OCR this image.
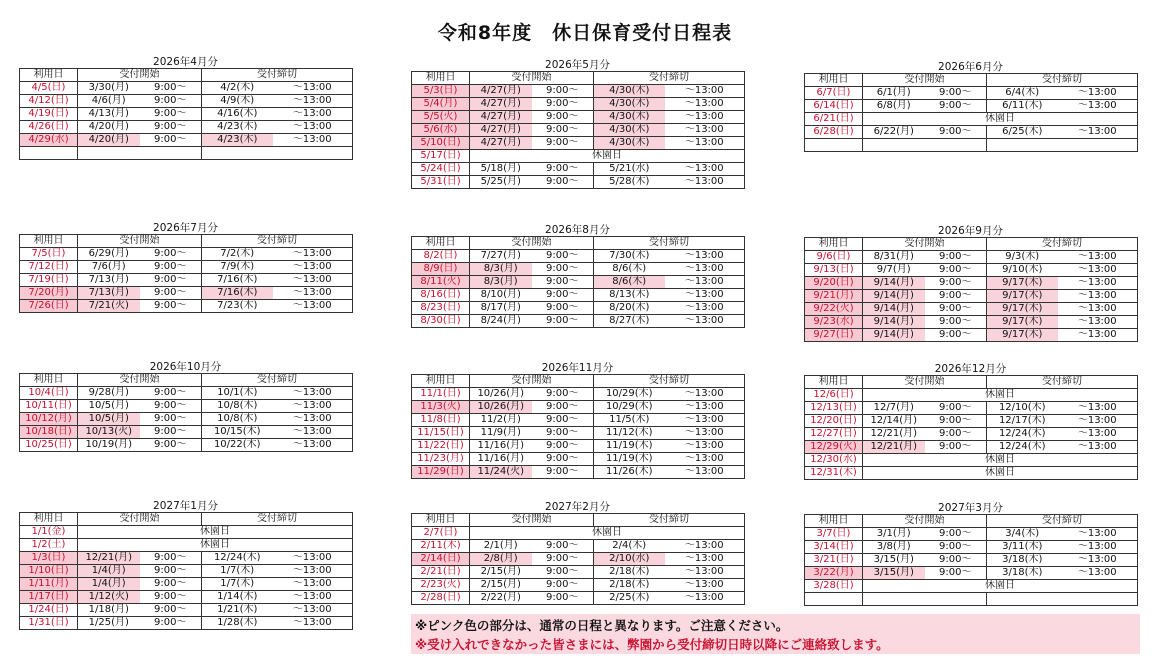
令和8年度　休日保育受付日程表
2026年4月分
利用日	受付開始		受付締切	
4/5(日)	3/30(月)	9:00～	4/2(木)	～13:00
4/12(日)	4/6(月)	9:00～	4/9(木)	～13:00
4/19(日)	4/13(月)	9:00～	4/16(木)	～13:00
4/26(日)	4/20(月)	9:00～	4/23(木)	～13:00
4/29(水)	4/20(月)	9:00～	4/23(木)	～13:00

2026年5月分
利用日	受付開始		受付締切	
5/3(日)	4/27(月)	9:00～	4/30(木)	～13:00
5/4(月)	4/27(月)	9:00～	4/30(木)	～13:00
5/5(火)	4/27(月)	9:00～	4/30(木)	～13:00
5/6(水)	4/27(月)	9:00～	4/30(木)	～13:00
5/10(日)	4/27(月)	9:00～	4/30(木)	～13:00
5/17(日)	休園日			
5/24(日)	5/18(月)	9:00～	5/21(水)	～13:00
5/31(日)	5/25(月)	9:00～	5/28(木)	～13:00
2026年6月分
利用日	受付開始		受付締切	
6/7(日)	6/1(月)	9:00～	6/4(木)	～13:00
6/14(日)	6/8(月)	9:00～	6/11(木)	～13:00
6/21(日)	休園日			
6/28(日)	6/22(月)	9:00～	6/25(木)	～13:00

2026年7月分
利用日	受付開始		受付締切	
7/5(日)	6/29(月)	9:00～	7/2(木)	～13:00
7/12(日)	7/6(月)	9:00～	7/9(木)	～13:00
7/19(日)	7/13(月)	9:00～	7/16(木)	～13:00
7/20(月)	7/13(月)	9:00～	7/16(木)	～13:00
7/26(日)	7/21(火)	9:00～	7/23(木)	～13:00
2026年8月分
利用日	受付開始		受付締切	
8/2(日)	7/27(月)	9:00～	7/30(木)	～13:00
8/9(日)	8/3(月)	9:00～	8/6(木)	～13:00
8/11(火)	8/3(月)	9:00～	8/6(木)	～13:00
8/16(日)	8/10(月)	9:00～	8/13(木)	～13:00
8/23(日)	8/17(月)	9:00～	8/20(木)	～13:00
8/30(日)	8/24(月)	9:00～	8/27(木)	～13:00
2026年9月分
利用日	受付開始		受付締切	
9/6(日)	8/31(月)	9:00～	9/3(木)	～13:00
9/13(日)	9/7(月)	9:00～	9/10(木)	～13:00
9/20(日)	9/14(月)	9:00～	9/17(木)	～13:00
9/21(月)	9/14(月)	9:00～	9/17(木)	～13:00
9/22(火)	9/14(月)	9:00～	9/17(木)	～13:00
9/23(水)	9/14(月)	9:00～	9/17(木)	～13:00
9/27(日)	9/14(月)	9:00～	9/17(木)	～13:00
2026年10月分
利用日	受付開始		受付締切	
10/4(日)	9/28(月)	9:00～	10/1(木)	～13:00
10/11(日)	10/5(月)	9:00～	10/8(木)	～13:00
10/12(月)	10/5(月)	9:00～	10/8(木)	～13:00
10/18(日)	10/13(火)	9:00～	10/15(木)	～13:00
10/25(日)	10/19(月)	9:00～	10/22(木)	～13:00
2026年11月分
利用日	受付開始		受付締切	
11/1(日)	10/26(月)	9:00～	10/29(木)	～13:00
11/3(火)	10/26(月)	9:00～	10/29(木)	～13:00
11/8(日)	11/2(月)	9:00～	11/5(木)	～13:00
11/15(日)	11/9(月)	9:00～	11/12(木)	～13:00
11/22(日)	11/16(月)	9:00～	11/19(木)	～13:00
11/23(月)	11/16(月)	9:00～	11/19(木)	～13:00
11/29(日)	11/24(火)	9:00～	11/26(木)	～13:00
2026年12月分
利用日	受付開始		受付締切	
12/6(日)	休園日			
12/13(日)	12/7(月)	9:00～	12/10(木)	～13:00
12/20(日)	12/14(月)	9:00～	12/17(木)	～13:00
12/27(日)	12/21(月)	9:00～	12/24(木)	～13:00
12/29(火)	12/21(月)	9:00～	12/24(木)	～13:00
12/30(水)	休園日			
12/31(木)	休園日			
2027年1月分
利用日	受付開始		受付締切	
1/1(金)	休園日			
1/2(土)	休園日			
1/3(日)	12/21(月)	9:00～	12/24(木)	～13:00
1/10(日)	1/4(月)	9:00～	1/7(木)	～13:00
1/11(月)	1/4(月)	9:00～	1/7(木)	～13:00
1/17(日)	1/12(火)	9:00～	1/14(木)	～13:00
1/24(日)	1/18(月)	9:00～	1/21(木)	～13:00
1/31(日)	1/25(月)	9:00～	1/28(木)	～13:00
2027年2月分
利用日	受付開始		受付締切	
2/7(日)	休園日			
2/11(木)	2/1(月)	9:00～	2/4(木)	～13:00
2/14(日)	2/8(月)	9:00～	2/10(水)	～13:00
2/21(日)	2/15(月)	9:00～	2/18(木)	～13:00
2/23(火)	2/15(月)	9:00～	2/18(木)	～13:00
2/28(日)	2/22(月)	9:00～	2/25(木)	～13:00
2027年3月分
利用日	受付開始		受付締切	
3/7(日)	3/1(月)	9:00～	3/4(木)	～13:00
3/14(日)	3/8(月)	9:00～	3/11(木)	～13:00
3/21(日)	3/15(月)	9:00～	3/18(木)	～13:00
3/22(月)	3/15(月)	9:00～	3/18(木)	～13:00
3/28(日)	休園日			

※ピンク色の部分は、通常の日程と異なります。ご注意ください。
※受け入れできなかった皆さまには、弊園から受付締切日時以降にご連絡致します。
